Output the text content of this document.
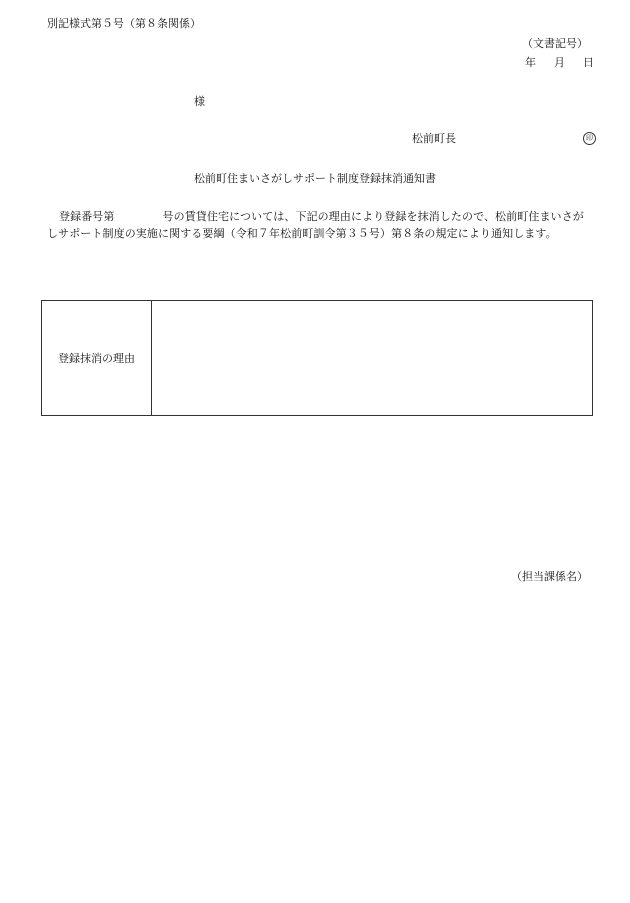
別記様式第５号（第８条関係）
（文書記号）
年 月 日
様
松前町長	印
松前町住まいさがしサポート制度登録抹消通知書
登録番号第	号の賃貸住宅については、下記の理由により登録を抹消したので、松前町住まいさがしサポート制度の実施に関する要綱（令和７年松前町訓令第３５号）第８条の規定により通知します。
登録抹消の理由
（担当課係名）
